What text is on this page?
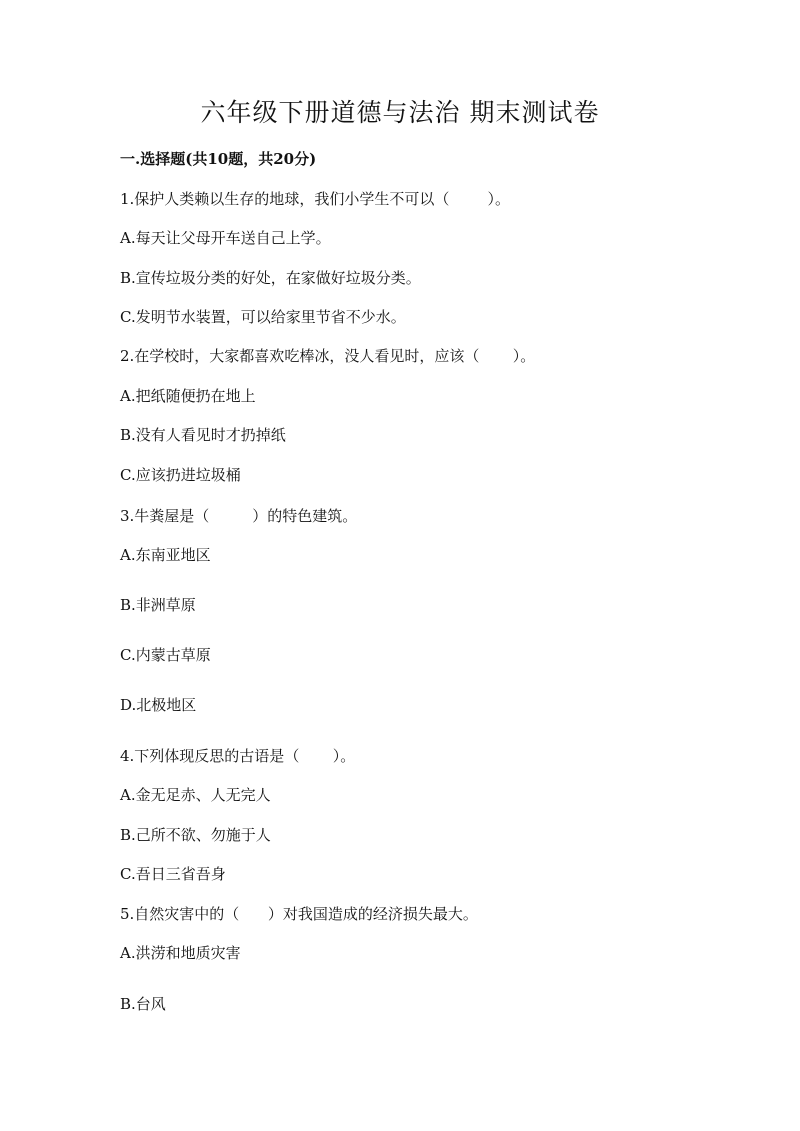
六年级下册道德与法治 期末测试卷
一.选择题(共10题，共20分)
1.保护人类赖以生存的地球，我们小学生不可以（        ）。
A.每天让父母开车送自己上学。
B.宣传垃圾分类的好处，在家做好垃圾分类。
C.发明节水装置，可以给家里节省不少水。
2.在学校时，大家都喜欢吃棒冰，没人看见时，应该（       ）。
A.把纸随便扔在地上
B.没有人看见时才扔掉纸
C.应该扔进垃圾桶
3.牛粪屋是（         ）的特色建筑。
A.东南亚地区
B.非洲草原
C.内蒙古草原
D.北极地区
4.下列体现反思的古语是（       ）。
A.金无足赤、人无完人
B.己所不欲、勿施于人
C.吾日三省吾身
5.自然灾害中的（      ）对我国造成的经济损失最大。
A.洪涝和地质灾害
B.台风
